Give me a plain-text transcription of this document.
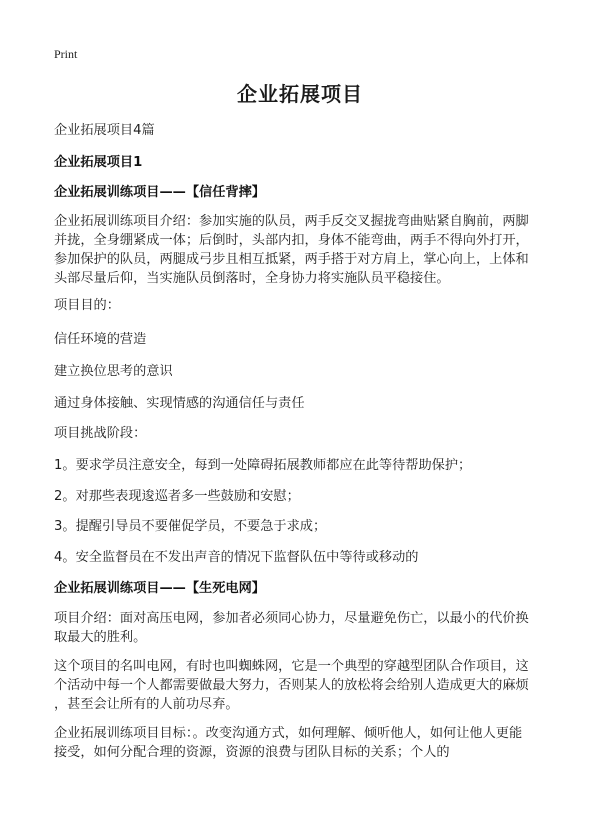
Print
企业拓展项目
企业拓展项目4篇
企业拓展项目1
企业拓展训练项目——【信任背摔】
企业拓展训练项目介绍：参加实施的队员，两手反交叉握拢弯曲贴紧自胸前，两脚
并拢，全身绷紧成一体；后倒时，头部内扣，身体不能弯曲，两手不得向外打开，
参加保护的队员，两腿成弓步且相互抵紧，两手搭于对方肩上，掌心向上，上体和
头部尽量后仰，当实施队员倒落时，全身协力将实施队员平稳接住。
项目目的：
信任环境的营造
建立换位思考的意识
通过身体接触、实现情感的沟通信任与责任
项目挑战阶段：
1。要求学员注意安全，每到一处障碍拓展教师都应在此等待帮助保护；
2。对那些表现逡巡者多一些鼓励和安慰；
3。提醒引导员不要催促学员，不要急于求成；
4。安全监督员在不发出声音的情况下监督队伍中等待或移动的
企业拓展训练项目——【生死电网】
项目介绍：面对高压电网，参加者必须同心协力，尽量避免伤亡，以最小的代价换
取最大的胜利。
这个项目的名叫电网，有时也叫蜘蛛网，它是一个典型的穿越型团队合作项目，这
个活动中每一个人都需要做最大努力，否则某人的放松将会给别人造成更大的麻烦
，甚至会让所有的人前功尽弃。
企业拓展训练项目目标：。改变沟通方式，如何理解、倾听他人，如何让他人更能
接受，如何分配合理的资源，资源的浪费与团队目标的关系；个人的
